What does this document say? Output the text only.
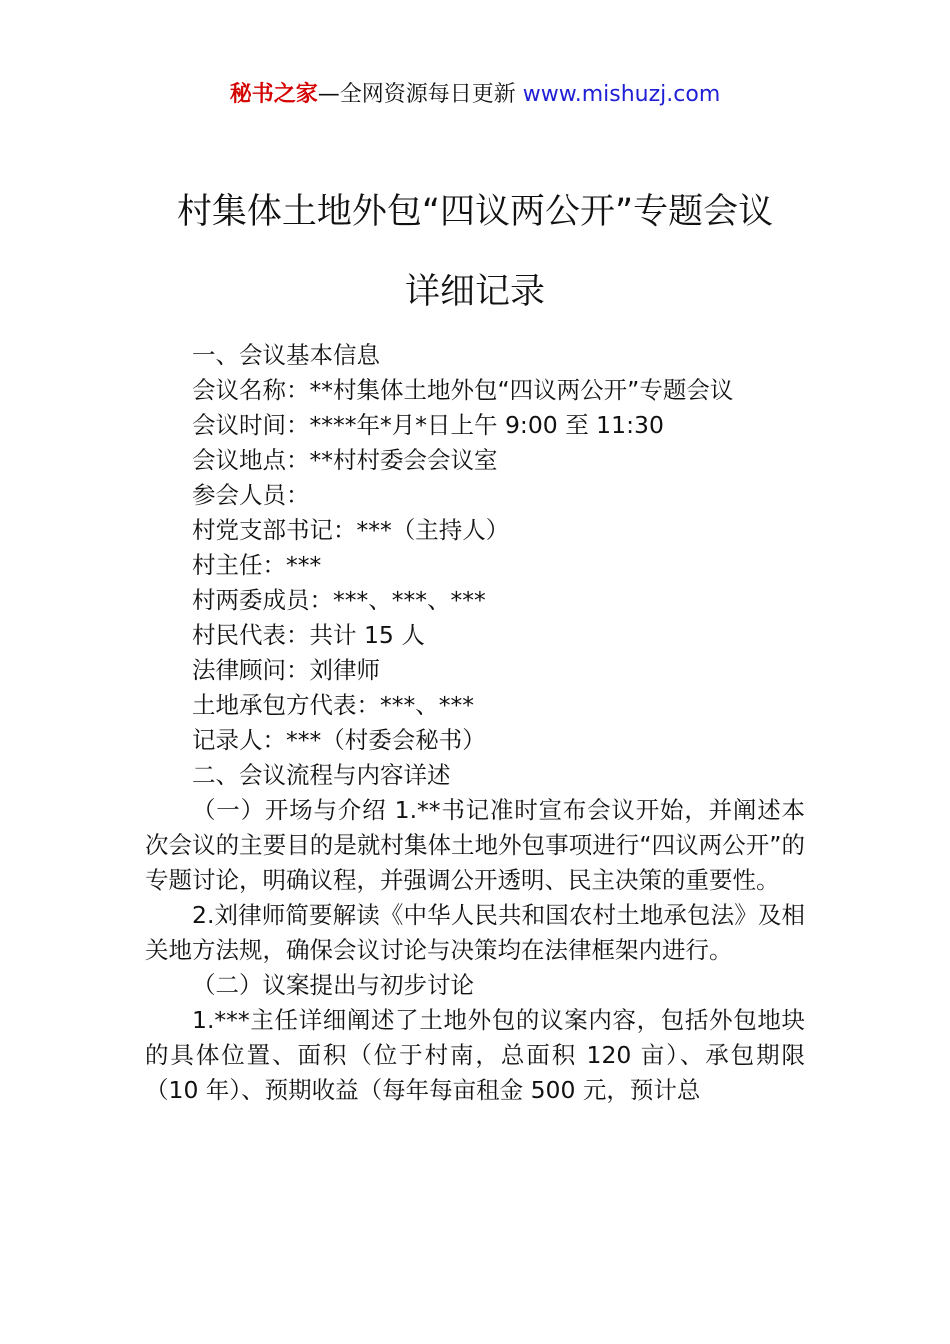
秘书之家—全网资源每日更新 www.mishuzj.com
村集体土地外包“四议两公开”专题会议
详细记录

一、会议基本信息

会议名称：**村集体土地外包“四议两公开”专题会议

会议时间：****年*月*日上午 9:00 至 11:30

会议地点：**村村委会会议室

参会人员：

村党支部书记：***（主持人）

村主任：***

村两委成员：***、***、***

村民代表：共计 15 人

法律顾问：刘律师

土地承包方代表：***、***

记录人：***（村委会秘书）

二、会议流程与内容详述

（一）开场与介绍 1.**书记准时宣布会议开始，并阐述本次会议的主要目的是就村集体土地外包事项进行“四议两公开”的专题讨论，明确议程，并强调公开透明、民主决策的重要性。

2.刘律师简要解读《中华人民共和国农村土地承包法》及相关地方法规，确保会议讨论与决策均在法律框架内进行。

（二）议案提出与初步讨论

1.***主任详细阐述了土地外包的议案内容，包括外包地块的具体位置、面积（位于村南，总面积 120 亩）、承包期限（10 年）、预期收益（每年每亩租金 500 元，预计总
